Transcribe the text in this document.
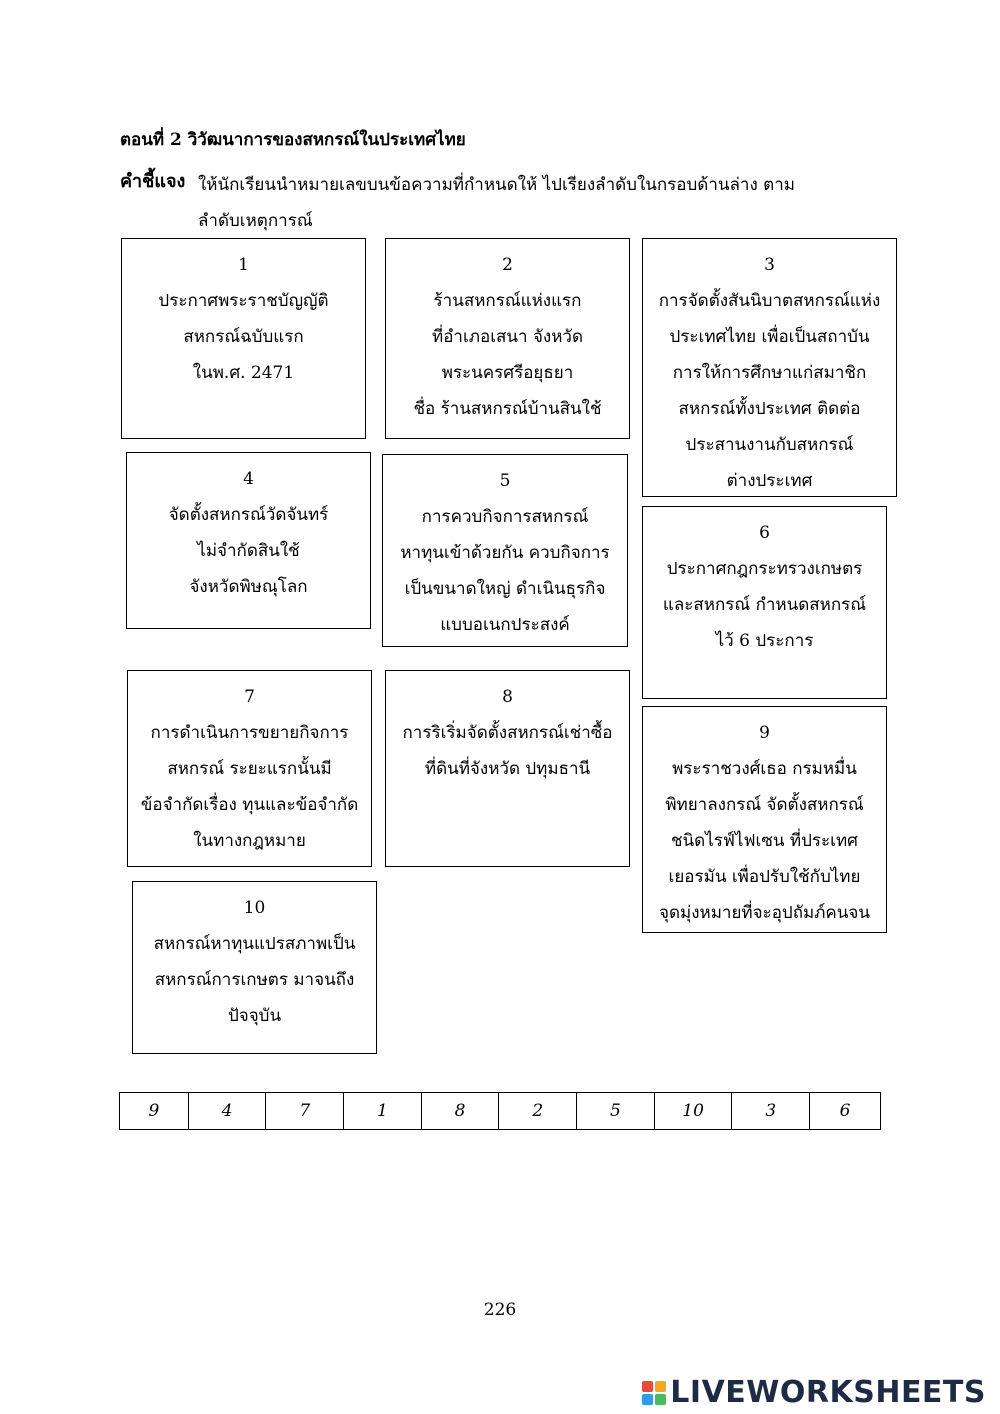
ตอนที่ 2 วิวัฒนาการของสหกรณ์ในประเทศไทย
คำชี้แจง ให้นักเรียนนำหมายเลขบนข้อความที่กำหนดให้ ไปเรียงลำดับในกรอบด้านล่าง ตามลำดับเหตุการณ์
1
ประกาศพระราชบัญญัติ
สหกรณ์ฉบับแรก
ในพ.ศ. 2471
2
ร้านสหกรณ์แห่งแรก
ที่อำเภอเสนา จังหวัด
พระนครศรีอยุธยา
ชื่อ ร้านสหกรณ์บ้านสินใช้
3
การจัดตั้งสันนิบาตสหกรณ์แห่ง
ประเทศไทย เพื่อเป็นสถาบัน
การให้การศึกษาแก่สมาชิก
สหกรณ์ทั้งประเทศ ติดต่อ
ประสานงานกับสหกรณ์
ต่างประเทศ
4
จัดตั้งสหกรณ์วัดจันทร์
ไม่จำกัดสินใช้
จังหวัดพิษณุโลก
5
การควบกิจการสหกรณ์
หาทุนเข้าด้วยกัน ควบกิจการ
เป็นขนาดใหญ่ ดำเนินธุรกิจ
แบบอเนกประสงค์
6
ประกาศกฎกระทรวงเกษตร
และสหกรณ์ กำหนดสหกรณ์
ไว้ 6 ประการ
7
การดำเนินการขยายกิจการ
สหกรณ์ ระยะแรกนั้นมี
ข้อจำกัดเรื่อง ทุนและข้อจำกัด
ในทางกฎหมาย
8
การริเริ่มจัดตั้งสหกรณ์เช่าซื้อ
ที่ดินที่จังหวัด ปทุมธานี
9
พระราชวงศ์เธอ กรมหมื่น
พิทยาลงกรณ์ จัดตั้งสหกรณ์
ชนิดไรฟ์ไฟเซน ที่ประเทศ
เยอรมัน เพื่อปรับใช้กับไทย
จุดมุ่งหมายที่จะอุปถัมภ์คนจน
10
สหกรณ์หาทุนแปรสภาพเป็น
สหกรณ์การเกษตร มาจนถึง
ปัจจุบัน
9	4	7	1	8	2	5	10	3	6
226
LIVEWORKSHEETS
